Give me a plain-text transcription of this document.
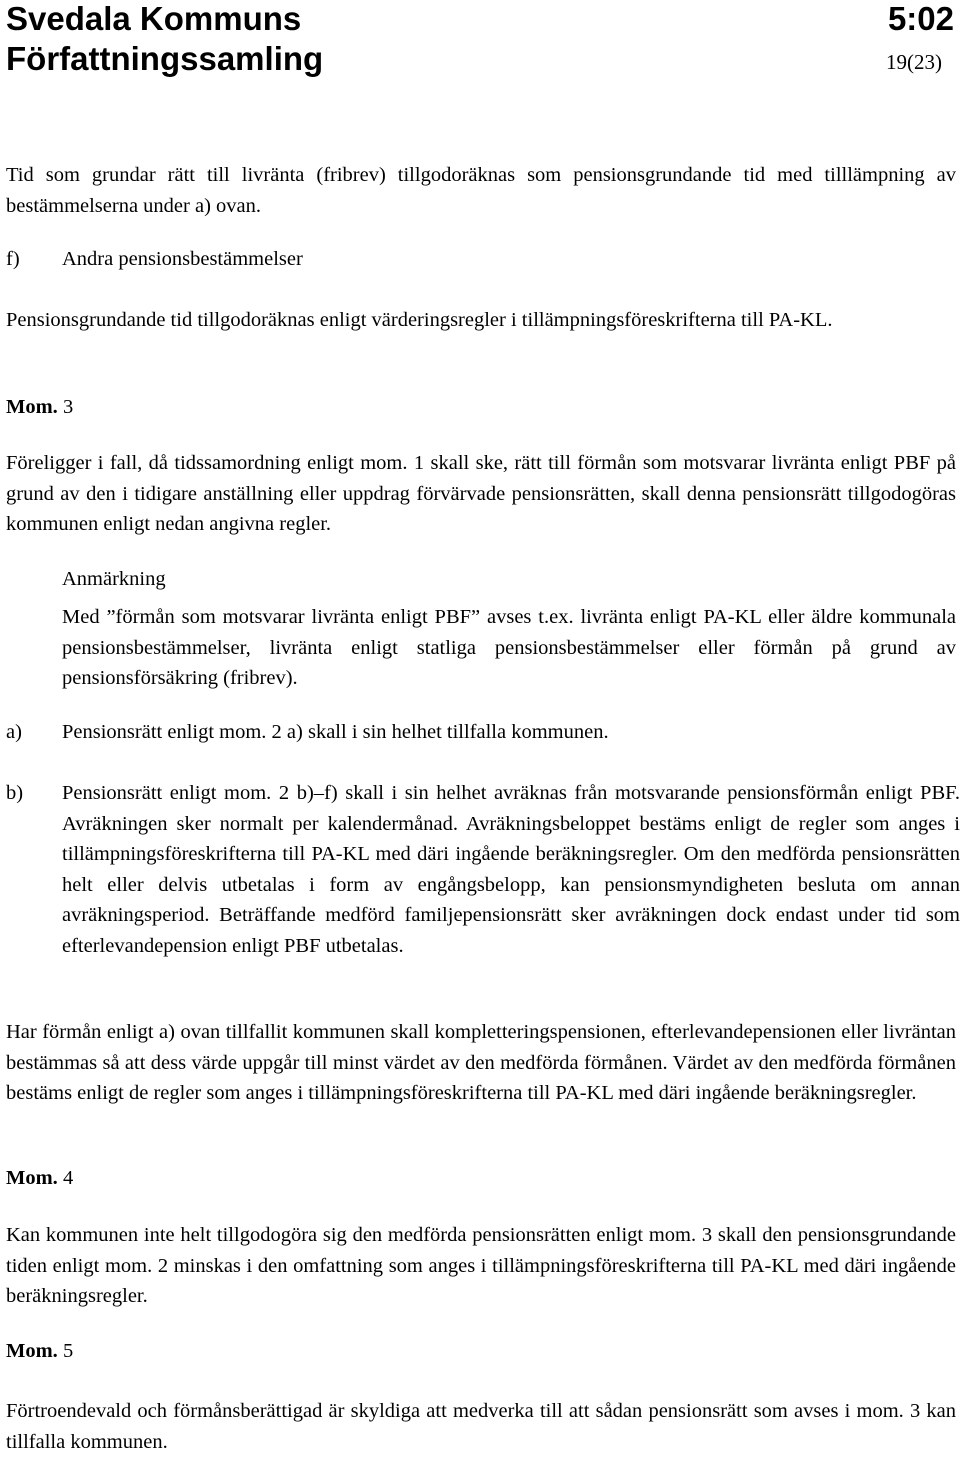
Svedala Kommuns
Författningssamling
5:02
19(23)
Tid som grundar rätt till livränta (fribrev) tillgodoräknas som pensionsgrundande tid med tilllämpning av bestämmelserna under a) ovan.
f) Andra pensionsbestämmelser
Pensionsgrundande tid tillgodoräknas enligt värderingsregler i tillämpningsföreskrifterna till PA-KL.
Mom. 3
Föreligger i fall, då tidssamordning enligt mom. 1 skall ske, rätt till förmån som motsvarar livränta enligt PBF på grund av den i tidigare anställning eller uppdrag förvärvade pensionsrätten, skall denna pensionsrätt tillgodogöras kommunen enligt nedan angivna regler.
Anmärkning
Med ”förmån som motsvarar livränta enligt PBF” avses t.ex. livränta enligt PA-KL eller äldre kommunala pensionsbestämmelser, livränta enligt statliga pensionsbestämmelser eller förmån på grund av pensionsförsäkring (fribrev).
a)	Pensionsrätt enligt mom. 2 a) skall i sin helhet tillfalla kommunen.
b)	Pensionsrätt enligt mom. 2 b)–f) skall i sin helhet avräknas från motsvarande pensionsförmån enligt PBF. Avräkningen sker normalt per kalendermånad. Avräkningsbeloppet bestäms enligt de regler som anges i tillämpningsföreskrifterna till PA-KL med däri ingående beräkningsregler. Om den medförda pensionsrätten helt eller delvis utbetalas i form av engångsbelopp, kan pensionsmyndigheten besluta om annan avräkningsperiod. Beträffande medförd familjepensionsrätt sker avräkningen dock endast under tid som efterlevandepension enligt PBF utbetalas.
Har förmån enligt a) ovan tillfallit kommunen skall kompletteringspensionen, efterlevandepensionen eller livräntan bestämmas så att dess värde uppgår till minst värdet av den medförda förmånen. Värdet av den medförda förmånen bestäms enligt de regler som anges i tillämpningsföreskrifterna till PA-KL med däri ingående beräkningsregler.
Mom. 4
Kan kommunen inte helt tillgodogöra sig den medförda pensionsrätten enligt mom. 3 skall den pensionsgrundande tiden enligt mom. 2 minskas i den omfattning som anges i tillämpningsföreskrifterna till PA-KL med däri ingående beräkningsregler.
Mom. 5
Förtroendevald och förmånsberättigad är skyldiga att medverka till att sådan pensionsrätt som avses i mom. 3 kan tillfalla kommunen.
